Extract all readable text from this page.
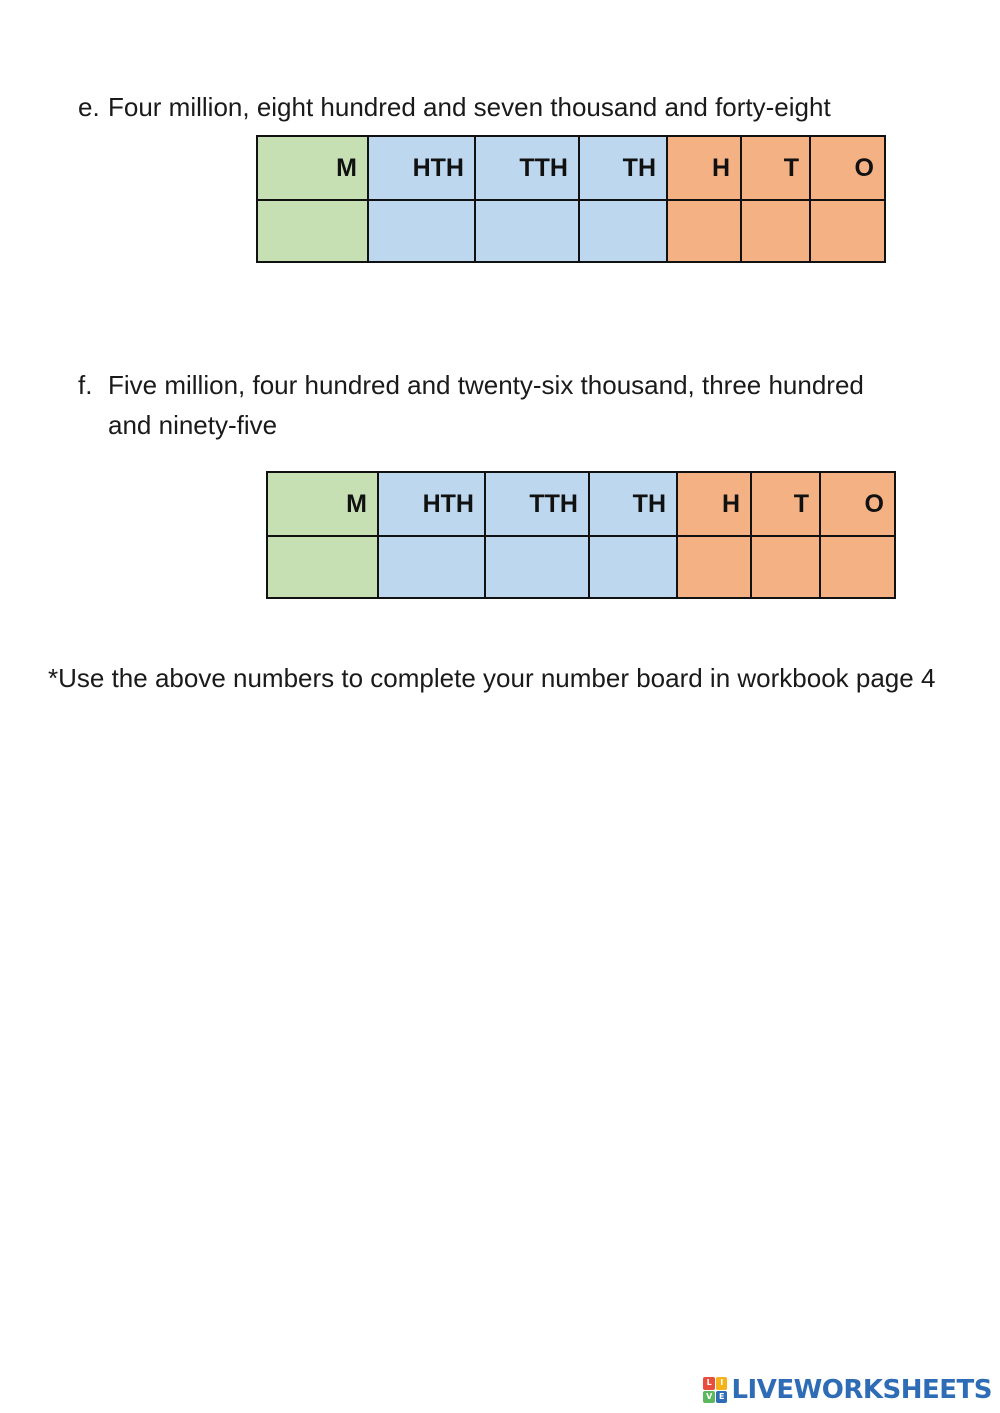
e. Four million, eight hundred and seven thousand and forty-eight
M	HTH	TTH	TH	H	T	O

f. Five million, four hundred and twenty-six thousand, three hundred and ninety-five
M	HTH	TTH	TH	H	T	O

*Use the above numbers to complete your number board in workbook page 4
L	I
V E LIVEWORKSHEETS
